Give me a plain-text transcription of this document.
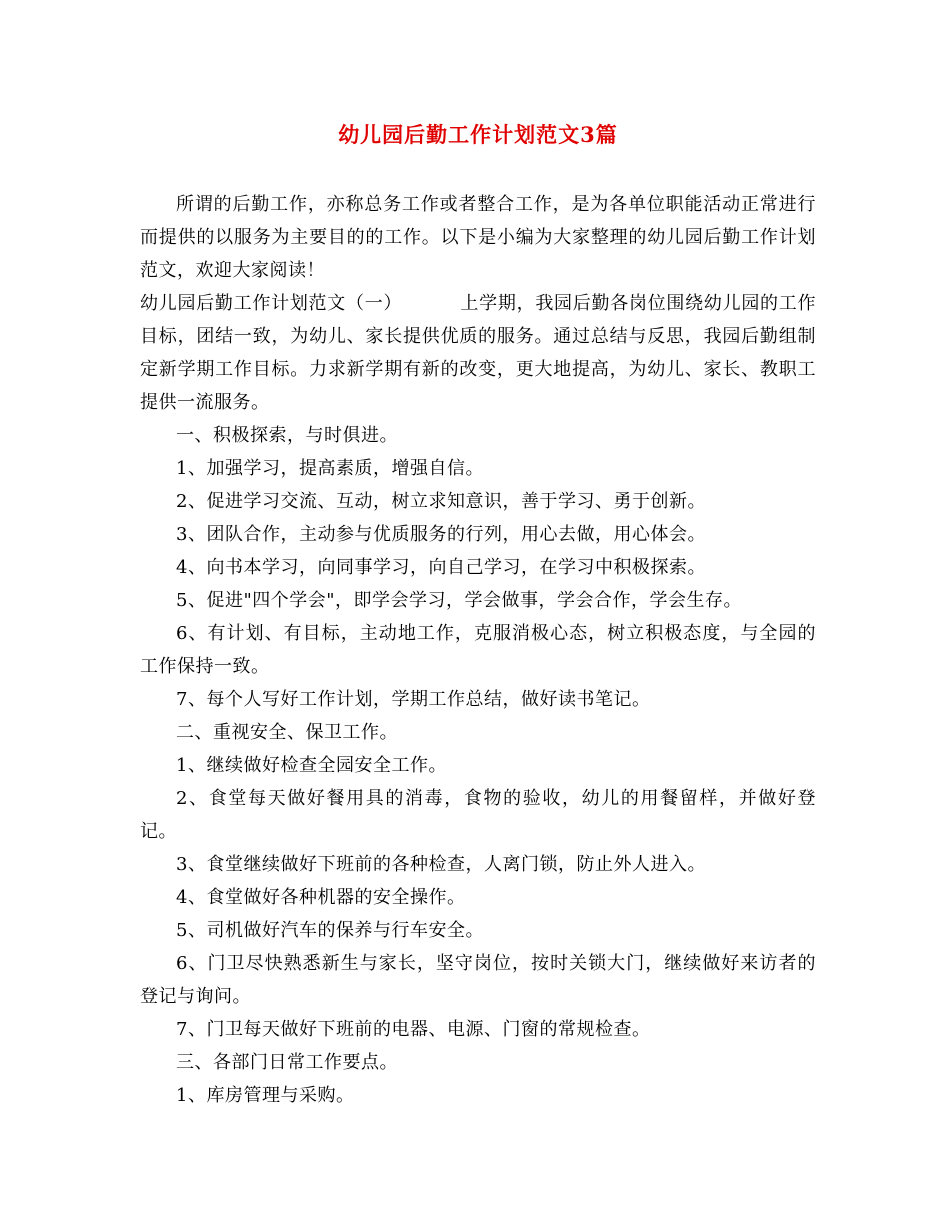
幼儿园后勤工作计划范文3篇

所谓的后勤工作，亦称总务工作或者整合工作，是为各单位职能活动正常进行而提供的以服务为主要目的的工作。以下是小编为大家整理的幼儿园后勤工作计划范文，欢迎大家阅读！

幼儿园后勤工作计划范文（一）	上学期，我园后勤各岗位围绕幼儿园的工作目标，团结一致，为幼儿、家长提供优质的服务。通过总结与反思，我园后勤组制定新学期工作目标。力求新学期有新的改变，更大地提高，为幼儿、家长、教职工提供一流服务。

一、积极探索，与时俱进。

1、加强学习，提高素质，增强自信。

2、促进学习交流、互动，树立求知意识，善于学习、勇于创新。

3、团队合作，主动参与优质服务的行列，用心去做，用心体会。

4、向书本学习，向同事学习，向自己学习，在学习中积极探索。

5、促进"四个学会"，即学会学习，学会做事，学会合作，学会生存。

6、有计划、有目标，主动地工作，克服消极心态，树立积极态度，与全园的工作保持一致。

7、每个人写好工作计划，学期工作总结，做好读书笔记。

二、重视安全、保卫工作。

1、继续做好检查全园安全工作。

2、食堂每天做好餐用具的消毒，食物的验收，幼儿的用餐留样，并做好登记。

3、食堂继续做好下班前的各种检查，人离门锁，防止外人进入。

4、食堂做好各种机器的安全操作。

5、司机做好汽车的保养与行车安全。

6、门卫尽快熟悉新生与家长，坚守岗位，按时关锁大门，继续做好来访者的登记与询问。

7、门卫每天做好下班前的电器、电源、门窗的常规检查。

三、各部门日常工作要点。

1、库房管理与采购。
